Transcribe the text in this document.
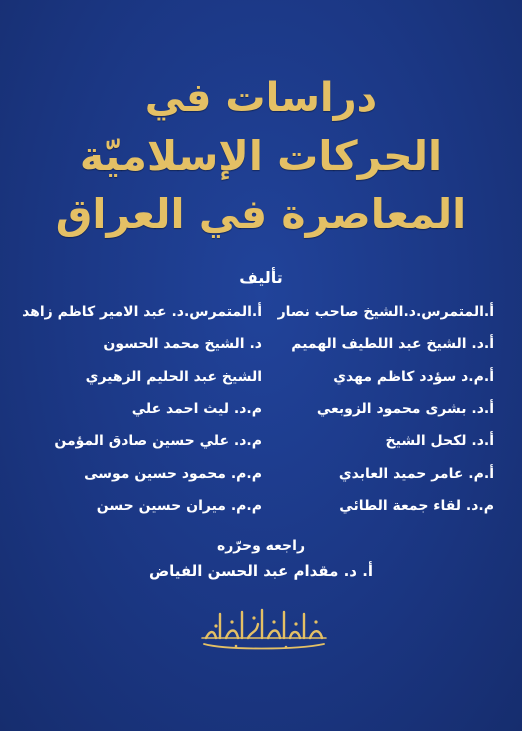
دراسات في
الحركات الإسلاميّة
المعاصرة في العراق
تأليف
أ.المتمرس.د.الشيخ صاحب نصار
أ.المتمرس.د. عبد الامير كاظم زاهد
أ.د. الشيخ عبد اللطيف الهميم
د. الشيخ محمد الحسون
أ.م.د سؤدد كاظم مهدي
الشيخ عبد الحليم الزهيري
أ.د. بشرى محمود الزوبعي
م.د. ليث احمد علي
أ.د. لكحل الشيخ
م.د. علي حسين صادق المؤمن
أ.م. عامر حميد العابدي
م.م. محمود حسين موسى
م.د. لقاء جمعة الطائي
م.م. ميران حسين حسن
راجعه وحرّره
أ. د. مقدام عبد الحسن الفياض
